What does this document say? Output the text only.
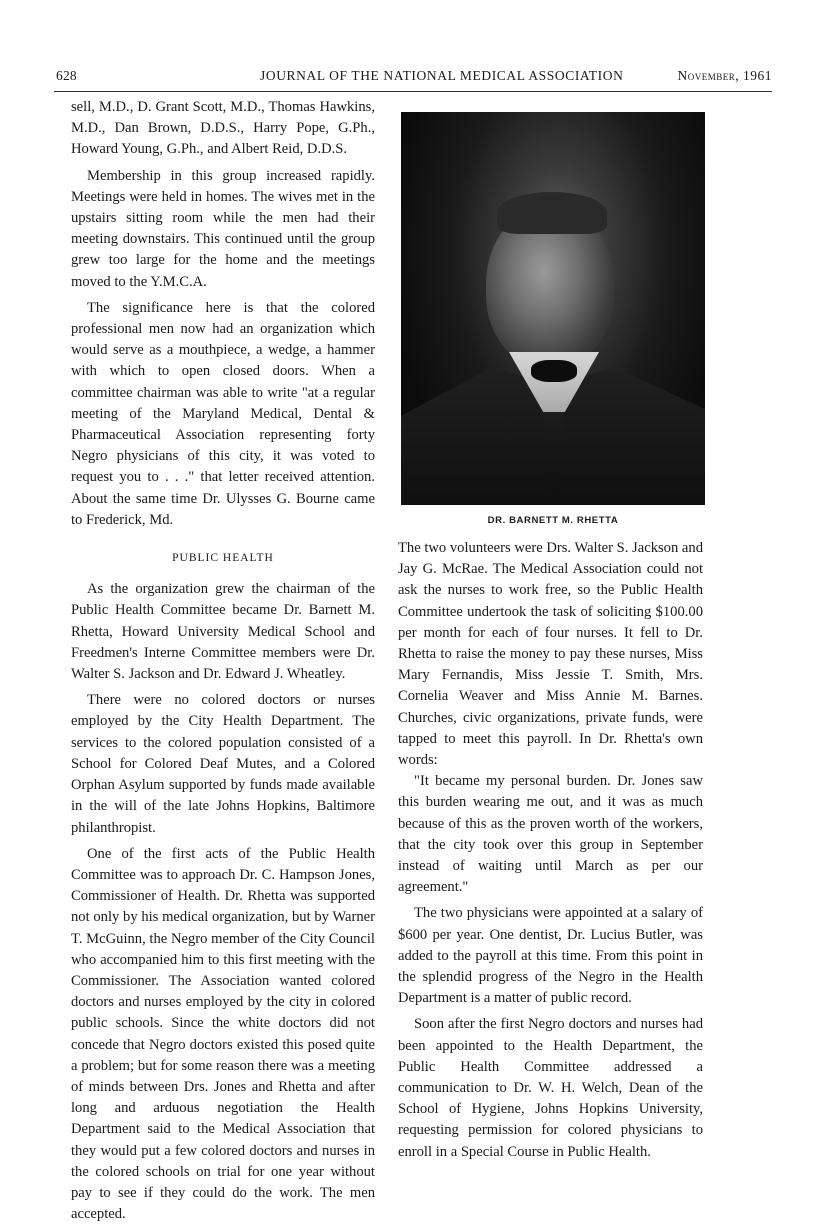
628	JOURNAL OF THE NATIONAL MEDICAL ASSOCIATION	November, 1961

sell, M.D., D. Grant Scott, M.D., Thomas Hawkins, M.D., Dan Brown, D.D.S., Harry Pope, G.Ph., Howard Young, G.Ph., and Albert Reid, D.D.S.

Membership in this group increased rapidly. Meetings were held in homes. The wives met in the upstairs sitting room while the men had their meeting downstairs. This continued until the group grew too large for the home and the meetings moved to the Y.M.C.A.

The significance here is that the colored professional men now had an organization which would serve as a mouthpiece, a wedge, a hammer with which to open closed doors. When a committee chairman was able to write "at a regular meeting of the Maryland Medical, Dental & Pharmaceutical Association representing forty Negro physicians of this city, it was voted to request you to . . ." that letter received attention. About the same time Dr. Ulysses G. Bourne came to Frederick, Md.

PUBLIC HEALTH

As the organization grew the chairman of the Public Health Committee became Dr. Barnett M. Rhetta, Howard University Medical School and Freedmen's Interne Committee members were Dr. Walter S. Jackson and Dr. Edward J. Wheatley.

There were no colored doctors or nurses employed by the City Health Department. The services to the colored population consisted of a School for Colored Deaf Mutes, and a Colored Orphan Asylum supported by funds made available in the will of the late Johns Hopkins, Baltimore philanthropist.

One of the first acts of the Public Health Committee was to approach Dr. C. Hampson Jones, Commissioner of Health. Dr. Rhetta was supported not only by his medical organization, but by Warner T. McGuinn, the Negro member of the City Council who accompanied him to this first meeting with the Commissioner. The Association wanted colored doctors and nurses employed by the city in colored public schools. Since the white doctors did not concede that Negro doctors existed this posed quite a problem; but for some reason there was a meeting of minds between Drs. Jones and Rhetta and after long and arduous negotiation the Health Department said to the Medical Association that they would put a few colored doctors and nurses in the colored schools on trial for one year without pay to see if they could do the work. The men accepted.

DR. BARNETT M. RHETTA

The two volunteers were Drs. Walter S. Jackson and Jay G. McRae. The Medical Association could not ask the nurses to work free, so the Public Health Committee undertook the task of soliciting $100.00 per month for each of four nurses. It fell to Dr. Rhetta to raise the money to pay these nurses, Miss Mary Fernandis, Miss Jessie T. Smith, Mrs. Cornelia Weaver and Miss Annie M. Barnes. Churches, civic organizations, private funds, were tapped to meet this payroll. In Dr. Rhetta's own words:

"It became my personal burden. Dr. Jones saw this burden wearing me out, and it was as much because of this as the proven worth of the workers, that the city took over this group in September instead of waiting until March as per our agreement."

The two physicians were appointed at a salary of $600 per year. One dentist, Dr. Lucius Butler, was added to the payroll at this time. From this point in the splendid progress of the Negro in the Health Department is a matter of public record.

Soon after the first Negro doctors and nurses had been appointed to the Health Department, the Public Health Committee addressed a communication to Dr. W. H. Welch, Dean of the School of Hygiene, Johns Hopkins University, requesting permission for colored physicians to enroll in a Special Course in Public Health.
